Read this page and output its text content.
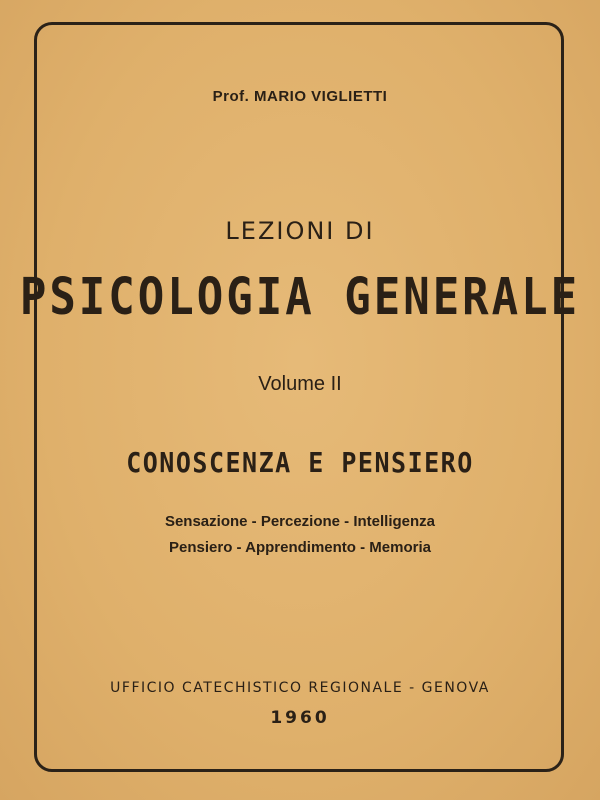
Prof. MARIO VIGLIETTI
LEZIONI DI
PSICOLOGIA GENERALE
Volume II
CONOSCENZA E PENSIERO
Sensazione - Percezione - Intelligenza
Pensiero - Apprendimento - Memoria
UFFICIO CATECHISTICO REGIONALE - GENOVA
1960
